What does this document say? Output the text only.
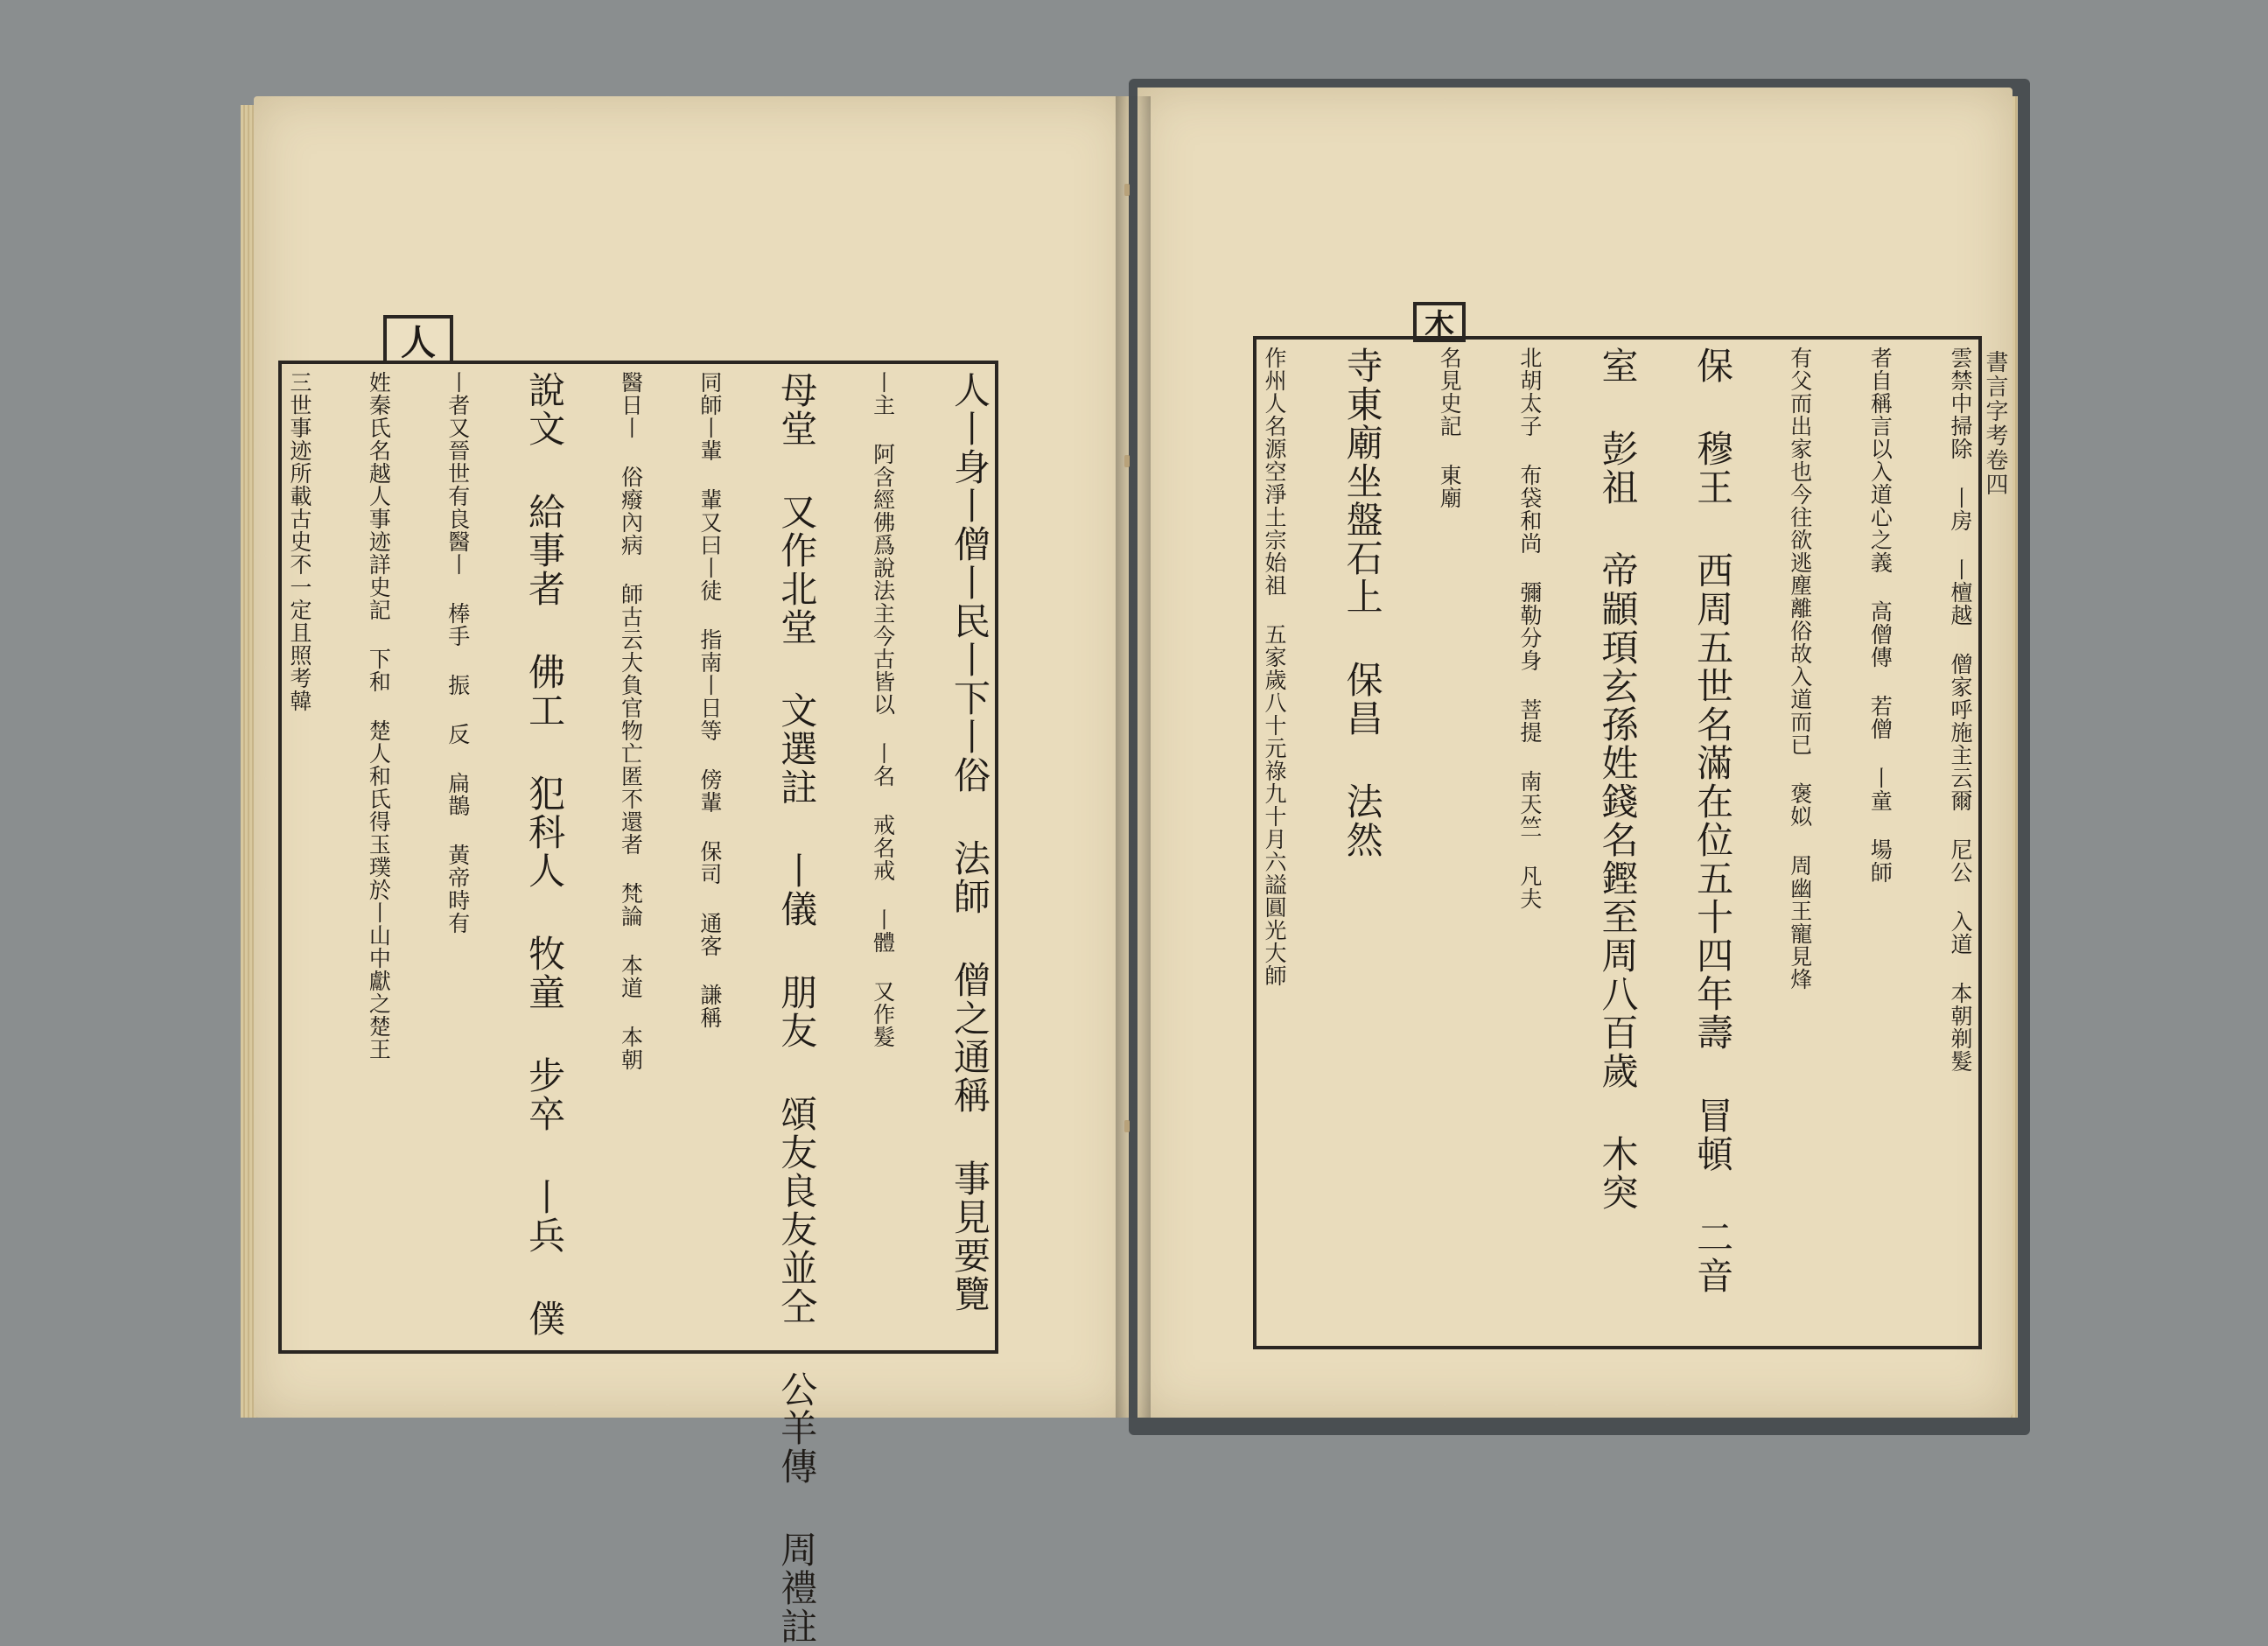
人
人丨身丨僧丨民丨下丨俗 法師 僧之通稱 事見要覽
丨主 阿含經佛爲說法主今古皆以 丨名 戒名戒 丨體 又作髮
母堂 又作北堂 文選註 丨儀 朋友 頌友良友並仝 公羊傳 周禮註
同師丨輩 輩又曰丨徒 指南丨日等 傍輩 保司 通客 謙稱
醫日丨 俗癈內病 師古云大負官物亡匿不還者 梵論 本道 本朝
說文 給事者 佛工 犯科人 牧童 步卒 丨兵 僕
丨者又晉世有良醫丨 棒手 振 反 扁鵲 黃帝時有
姓秦氏名越人事迹詳史記 下和 楚人和氏得玉璞於丨山中獻之楚王
三世事迹所載古史不一定且照考韓
木
書言字考卷四
雲禁中掃除 丨房 丨檀越 僧家呼施主云爾 尼公 入道 本朝剃髮
者自稱言以入道心之義 高僧傳 若僧 丨童 場師
有父而出家也今往欲逃塵離俗故入道而已 褒姒 周幽王寵見烽
保 穆王 西周五世名滿在位五十四年壽 冒頓 二音
室 彭祖 帝顓頊玄孫姓錢名鏗至周八百歲 木突
北胡太子 布袋和尚 彌勒分身 菩提 南天竺 凡夫
名見史記 東廟
寺東廟坐盤石上 保昌 法然
作州人名源空淨土宗始祖 五家歲八十元祿九十月六謚圓光大師
